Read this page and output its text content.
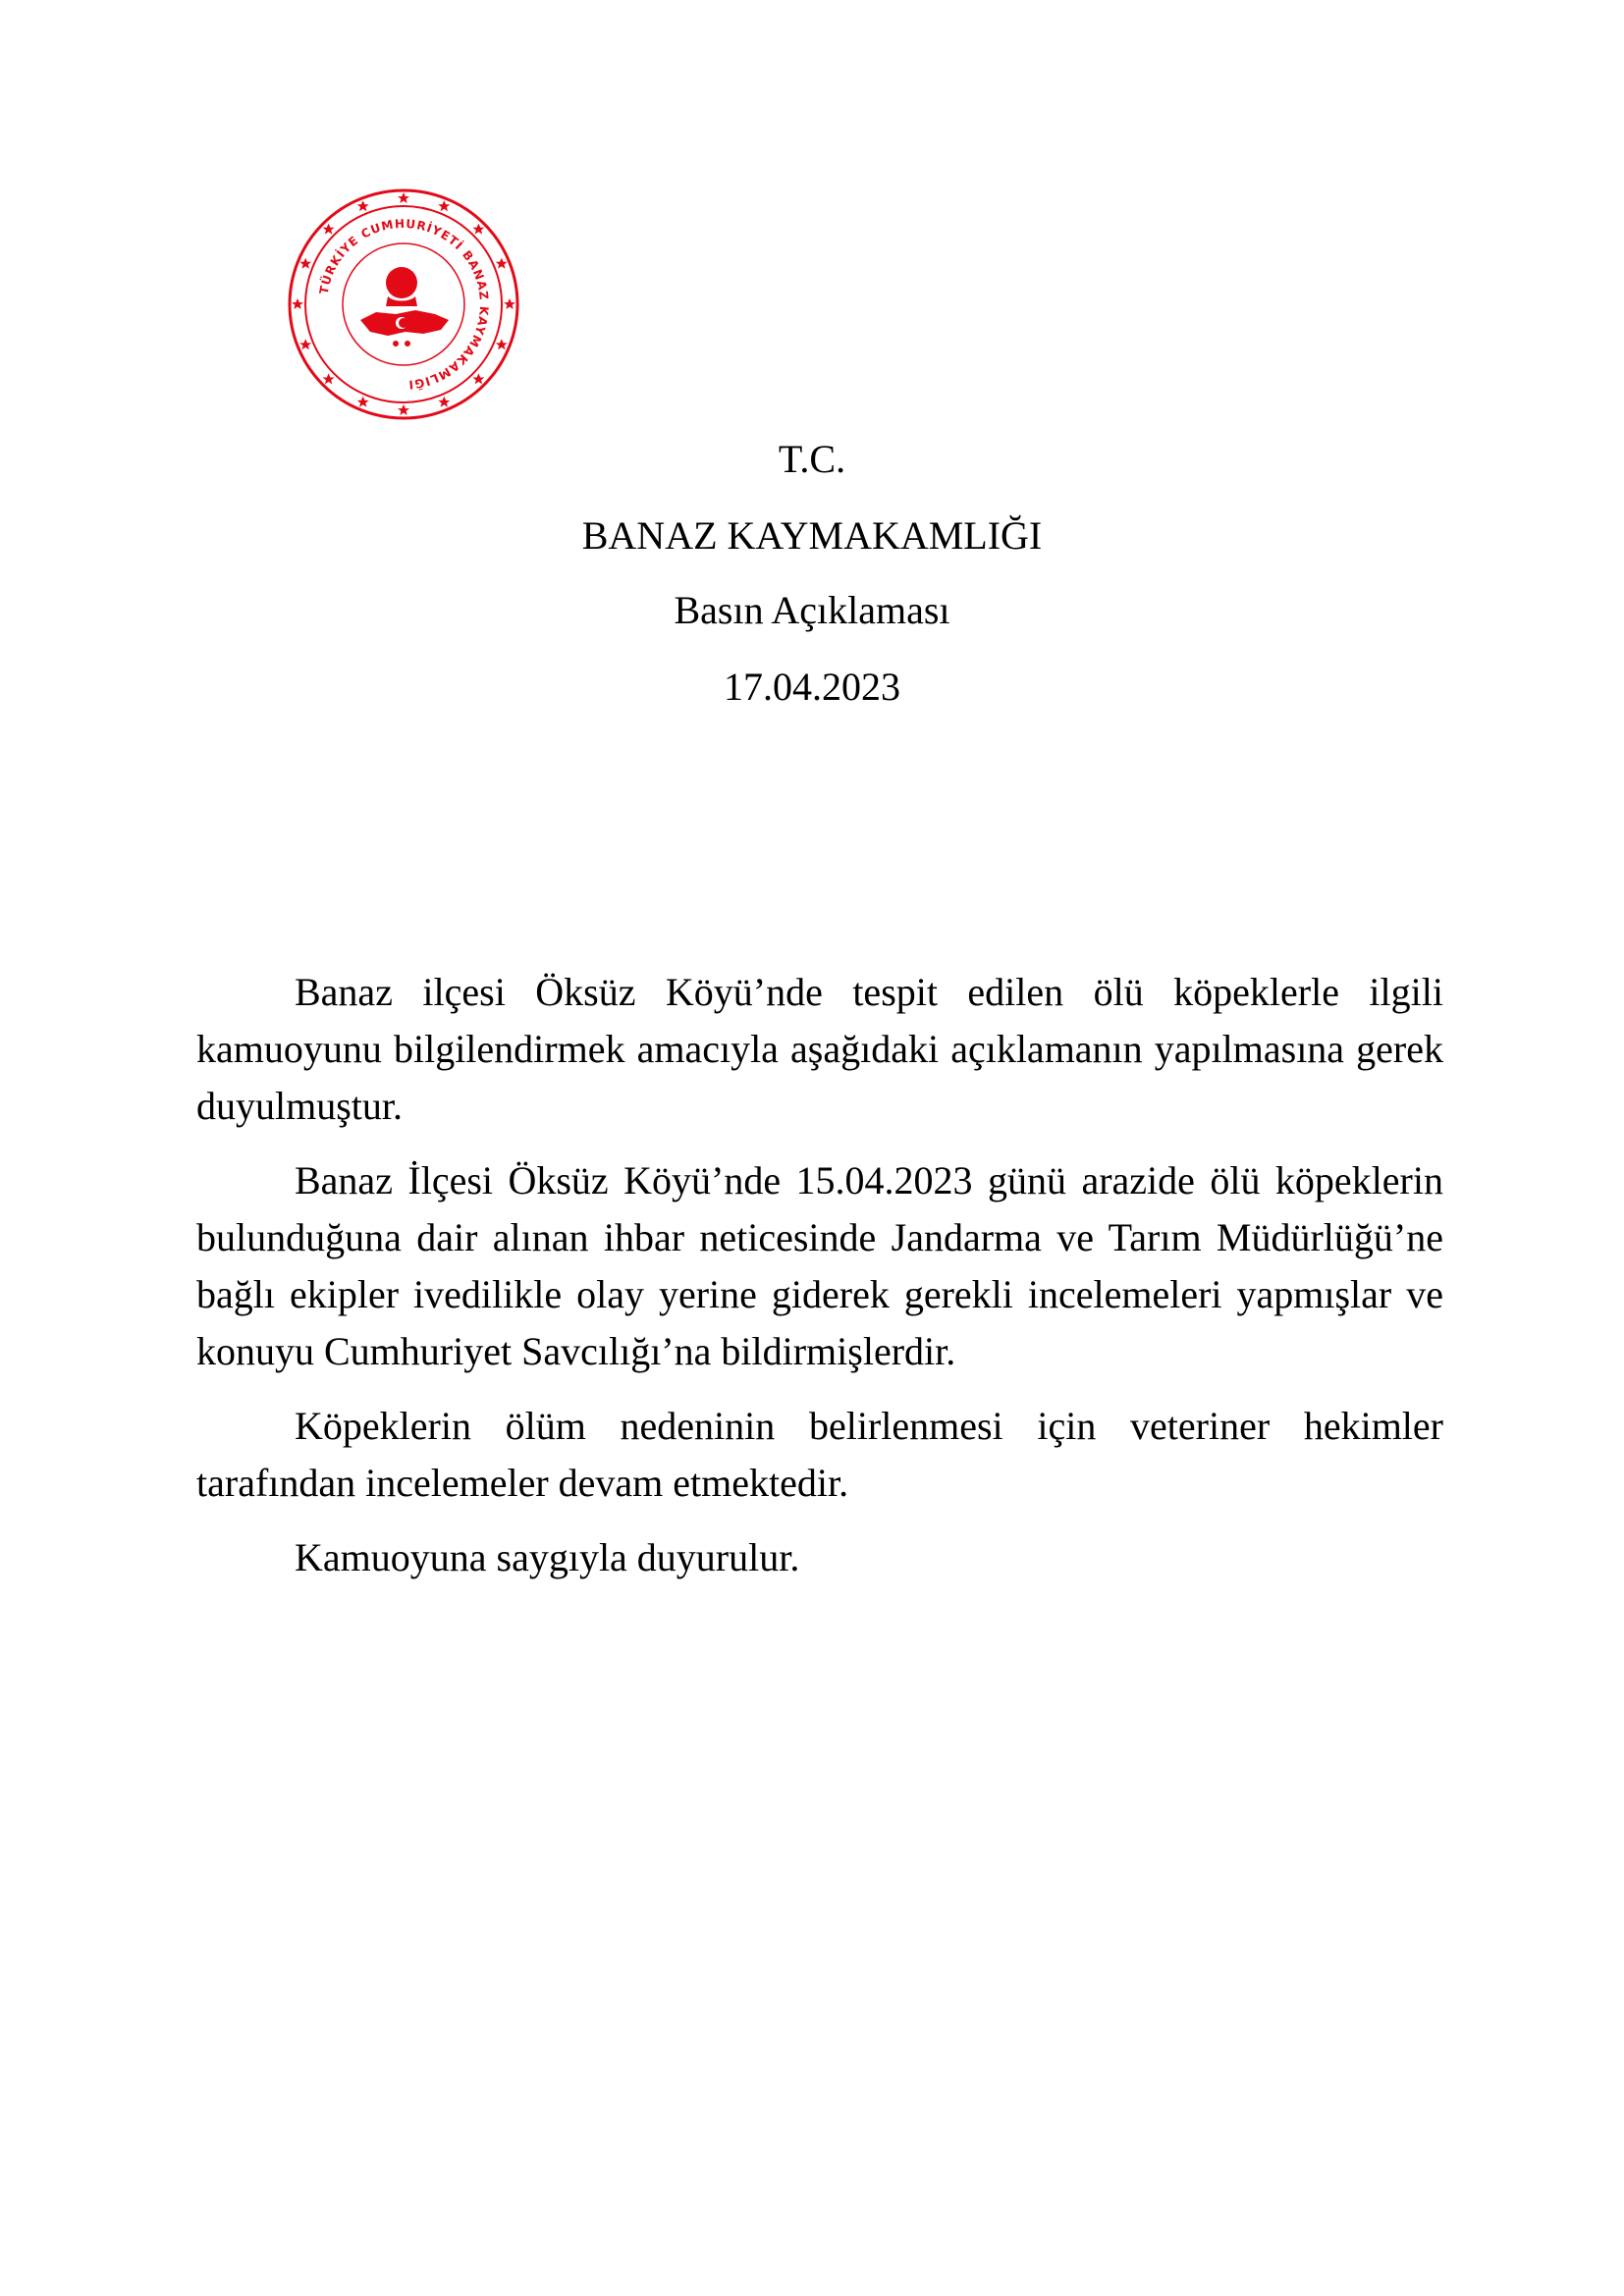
TÜRKİYE CUMHURİYETİ BANAZ KAYMAKAMLIĞI
T.C.
BANAZ KAYMAKAMLIĞI
Basın Açıklaması
17.04.2023

Banaz ilçesi Öksüz Köyü’nde tespit edilen ölü köpeklerle ilgili kamuoyunu bilgilendirmek amacıyla aşağıdaki açıklamanın yapılmasına gerek duyulmuştur.

Banaz İlçesi Öksüz Köyü’nde 15.04.2023 günü arazide ölü köpeklerin bulunduğuna dair alınan ihbar neticesinde Jandarma ve Tarım Müdürlüğü’ne bağlı ekipler ivedilikle olay yerine giderek gerekli incelemeleri yapmışlar ve konuyu Cumhuriyet Savcılığı’na bildirmişlerdir.

Köpeklerin ölüm nedeninin belirlenmesi için veteriner hekimler tarafından incelemeler devam etmektedir.

Kamuoyuna saygıyla duyurulur.
